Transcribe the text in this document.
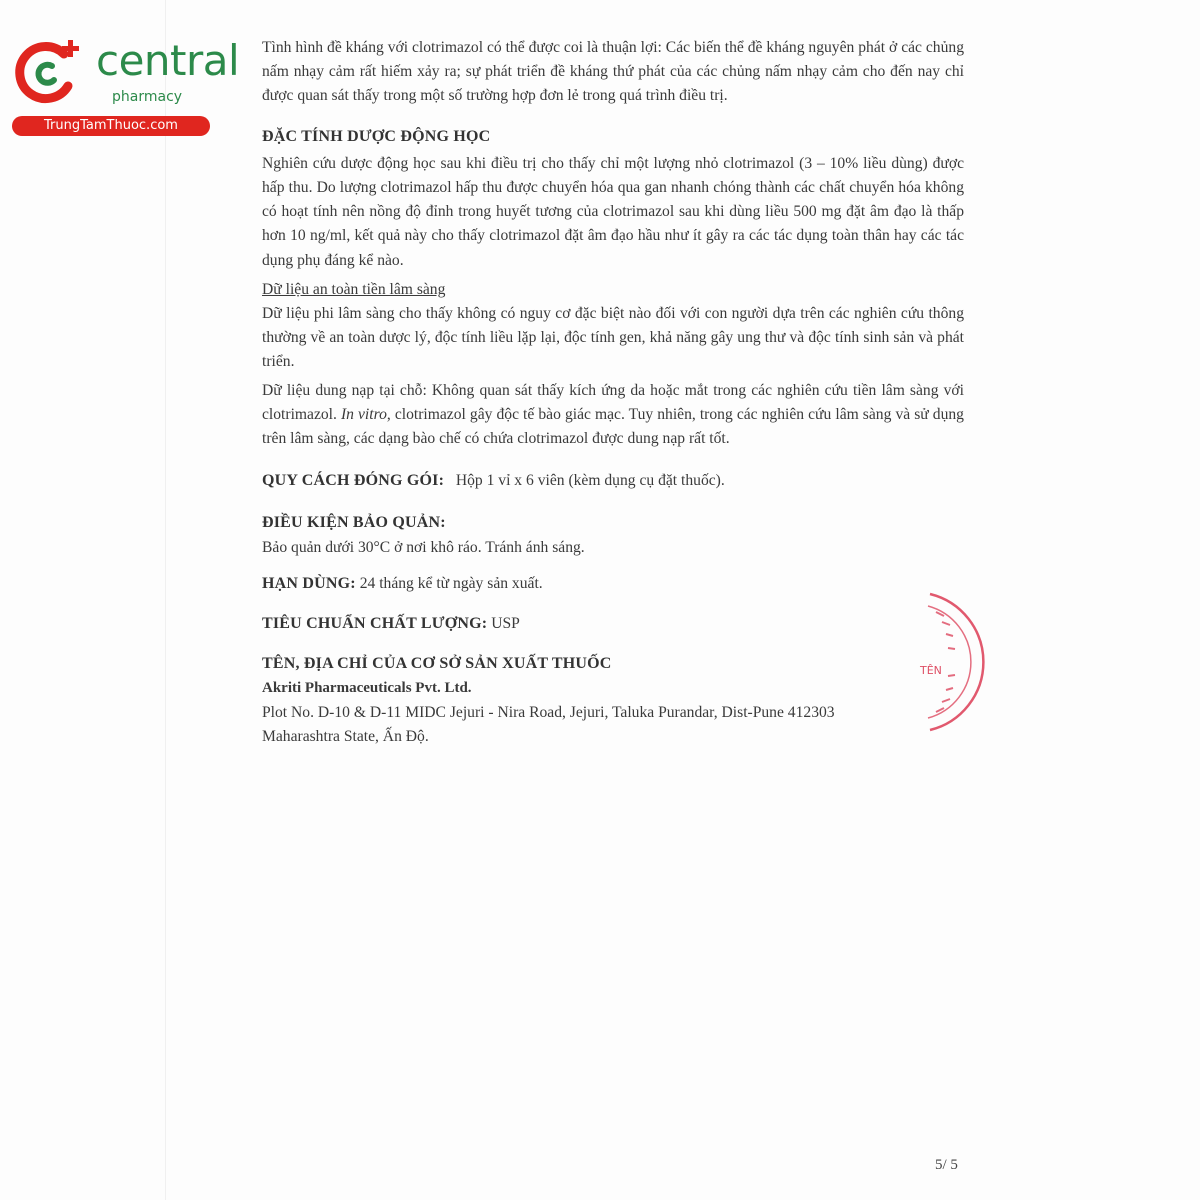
central
pharmacy
TrungTamThuoc.com

Tình hình đề kháng với clotrimazol có thể được coi là thuận lợi: Các biến thể đề kháng nguyên phát ở các chủng nấm nhạy cảm rất hiếm xảy ra; sự phát triển đề kháng thứ phát của các chủng nấm nhạy cảm cho đến nay chỉ được quan sát thấy trong một số trường hợp đơn lẻ trong quá trình điều trị.

ĐẶC TÍNH DƯỢC ĐỘNG HỌC

Nghiên cứu dược động học sau khi điều trị cho thấy chỉ một lượng nhỏ clotrimazol (3 – 10% liều dùng) được hấp thu. Do lượng clotrimazol hấp thu được chuyển hóa qua gan nhanh chóng thành các chất chuyển hóa không có hoạt tính nên nồng độ đỉnh trong huyết tương của clotrimazol sau khi dùng liều 500 mg đặt âm đạo là thấp hơn 10 ng/ml, kết quả này cho thấy clotrimazol đặt âm đạo hầu như ít gây ra các tác dụng toàn thân hay các tác dụng phụ đáng kể nào.

Dữ liệu an toàn tiền lâm sàng

Dữ liệu phi lâm sàng cho thấy không có nguy cơ đặc biệt nào đối với con người dựa trên các nghiên cứu thông thường về an toàn dược lý, độc tính liều lặp lại, độc tính gen, khả năng gây ung thư và độc tính sinh sản và phát triển.

Dữ liệu dung nạp tại chỗ: Không quan sát thấy kích ứng da hoặc mắt trong các nghiên cứu tiền lâm sàng với clotrimazol. In vitro, clotrimazol gây độc tế bào giác mạc. Tuy nhiên, trong các nghiên cứu lâm sàng và sử dụng trên lâm sàng, các dạng bào chế có chứa clotrimazol được dung nạp rất tốt.

QUY CÁCH ĐÓNG GÓI: Hộp 1 vỉ x 6 viên (kèm dụng cụ đặt thuốc).

ĐIỀU KIỆN BẢO QUẢN:

Bảo quản dưới 30°C ở nơi khô ráo. Tránh ánh sáng.

HẠN DÙNG: 24 tháng kể từ ngày sản xuất.

TIÊU CHUẨN CHẤT LƯỢNG: USP

TÊN, ĐỊA CHỈ CỦA CƠ SỞ SẢN XUẤT THUỐC

Akriti Pharmaceuticals Pvt. Ltd.

Plot No. D-10 & D-11 MIDC Jejuri - Nira Road, Jejuri, Taluka Purandar, Dist-Pune 412303

Maharashtra State, Ấn Độ.

TÊN
5/ 5
